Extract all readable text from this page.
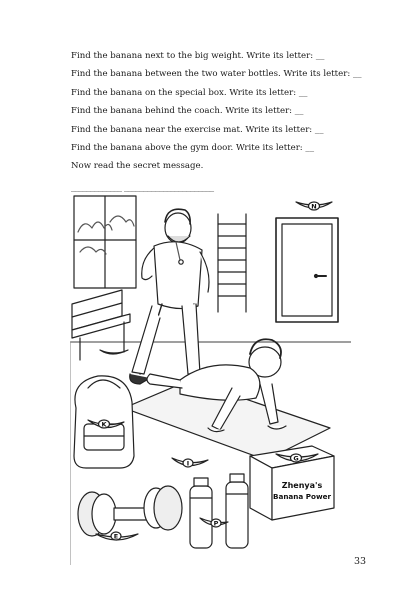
Find the banana next to the big weight. Write its letter: __
Find the banana between the two water bottles. Write its letter: __
Find the banana on the special box. Write its letter: __
Find the banana behind the coach. Write its letter: __
Find the banana near the exercise mat. Write its letter: __
Find the banana above the gym door. Write its letter: __
Now read the secret message.
_____________ _______________________
N
K
I
Zhenya's
Banana Power
G
P
E
33
